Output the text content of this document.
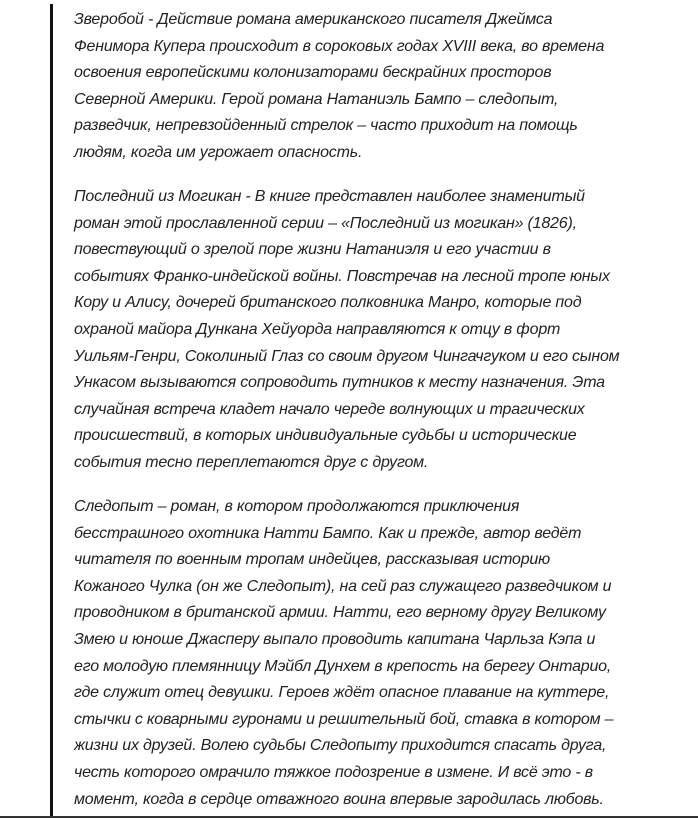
Зверобой - Действие романа американского писателя Джеймса
Фенимора Купера происходит в сороковых годах XVIII века, во времена
освоения европейскими колонизаторами бескрайних просторов
Северной Америки. Герой романа Натаниэль Бампо – следопыт,
разведчик, непревзойденный стрелок – часто приходит на помощь
людям, когда им угрожает опасность.

Последний из Могикан - В книге представлен наиболее знаменитый
роман этой прославленной серии – «Последний из могикан» (1826),
повествующий о зрелой поре жизни Натаниэля и его участии в
событиях Франко-индейской войны. Повстречав на лесной тропе юных
Кору и Алису, дочерей британского полковника Манро, которые под
охраной майора Дункана Хейуорда направляются к отцу в форт
Уильям-Генри, Соколиный Глаз со своим другом Чингачгуком и его сыном
Ункасом вызываются сопроводить путников к месту назначения. Эта
случайная встреча кладет начало череде волнующих и трагических
происшествий, в которых индивидуальные судьбы и исторические
события тесно переплетаются друг с другом.

Следопыт – роман, в котором продолжаются приключения
бесстрашного охотника Натти Бампо. Как и прежде, автор ведёт
читателя по военным тропам индейцев, рассказывая историю
Кожаного Чулка (он же Следопыт), на сей раз служащего разведчиком и
проводником в британской армии. Натти, его верному другу Великому
Змею и юноше Джасперу выпало проводить капитана Чарльза Кэпа и
его молодую племянницу Мэйбл Дунхем в крепость на берегу Онтарио,
где служит отец девушки. Героев ждёт опасное плавание на куттере,
стычки с коварными гуронами и решительный бой, ставка в котором –
жизни их друзей. Волею судьбы Следопыту приходится спасать друга,
честь которого омрачило тяжкое подозрение в измене. И всё это - в
момент, когда в сердце отважного воина впервые зародилась любовь.
